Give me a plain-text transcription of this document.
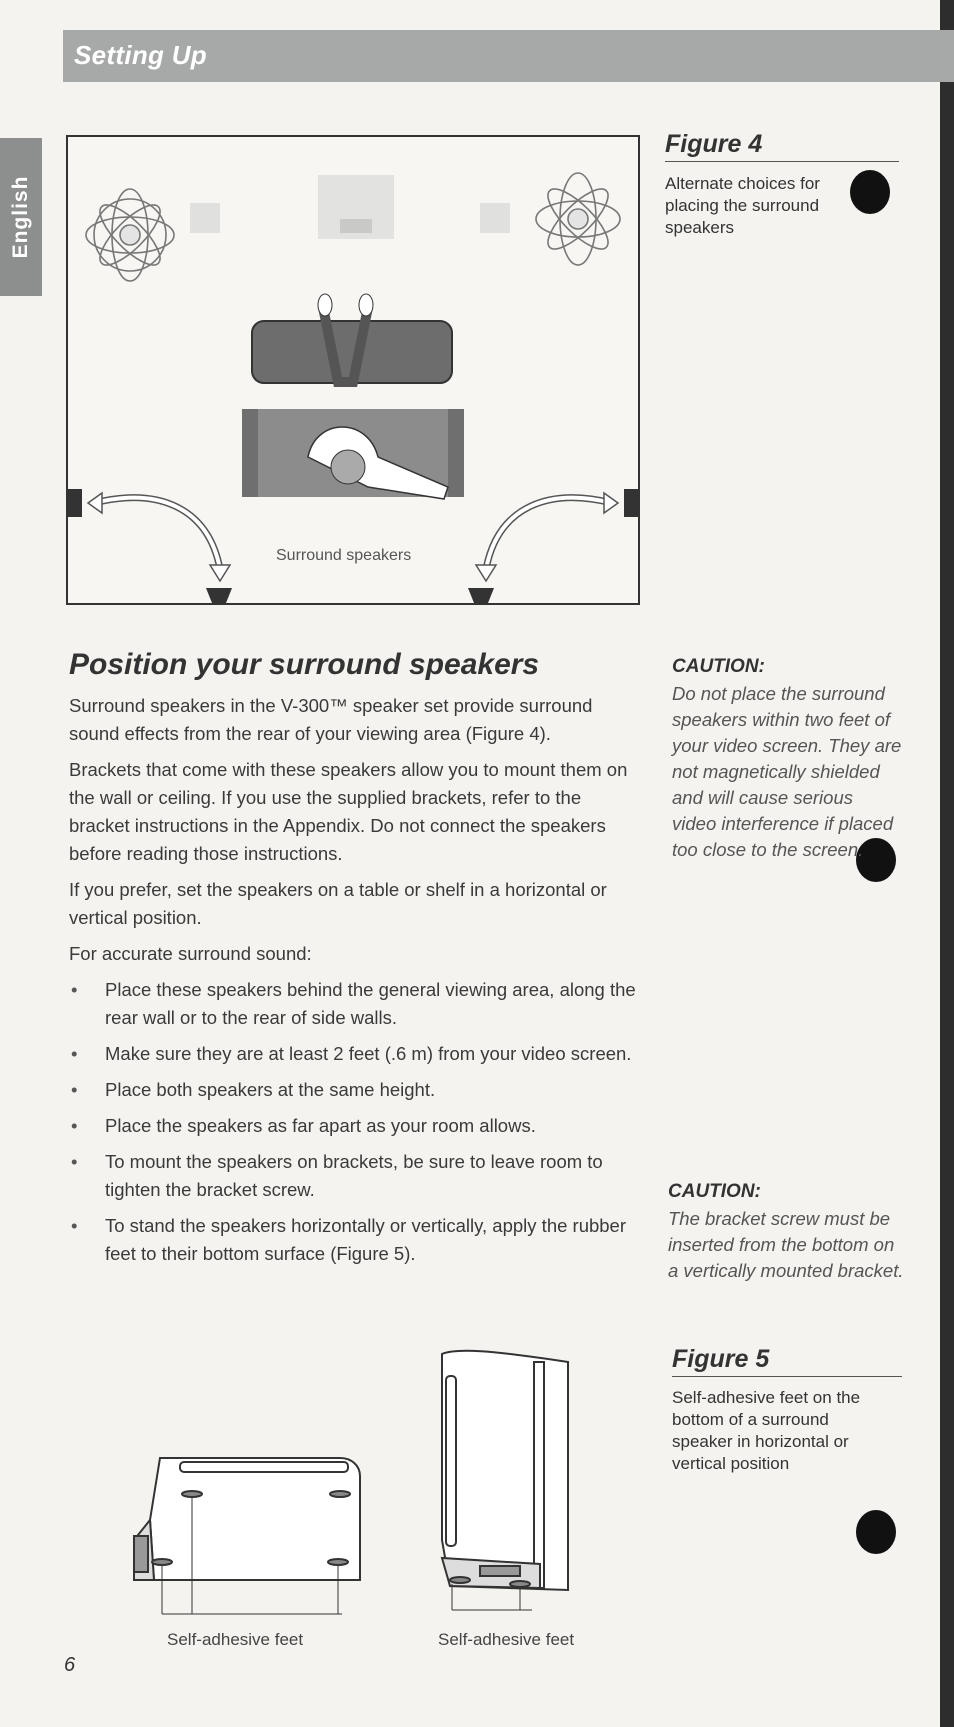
Setting Up
English
Surround speakers
Figure 4
Alternate choices for placing the surround speakers
Position your surround speakers

Surround speakers in the V-300™ speaker set provide surround sound effects from the rear of your viewing area (Figure 4).

Brackets that come with these speakers allow you to mount them on the wall or ceiling. If you use the supplied brackets, refer to the bracket instructions in the Appendix. Do not connect the speakers before reading those instructions.

If you prefer, set the speakers on a table or shelf in a horizontal or vertical position.

For accurate surround sound:

• Place these speakers behind the general viewing area, along the rear wall or to the rear of side walls.
• Make sure they are at least 2 feet (.6 m) from your video screen.
• Place both speakers at the same height.
• Place the speakers as far apart as your room allows.
• To mount the speakers on brackets, be sure to leave room to tighten the bracket screw.
• To stand the speakers horizontally or vertically, apply the rubber feet to their bottom surface (Figure 5).
CAUTION:
Do not place the surround speakers within two feet of your video screen. They are not magnetically shielded and will cause serious video interference if placed too close to the screen.
CAUTION:
The bracket screw must be inserted from the bottom on a vertically mounted bracket.
Figure 5
Self-adhesive feet on the bottom of a surround speaker in horizontal or vertical position
Self-adhesive feet	Self-adhesive feet
6
